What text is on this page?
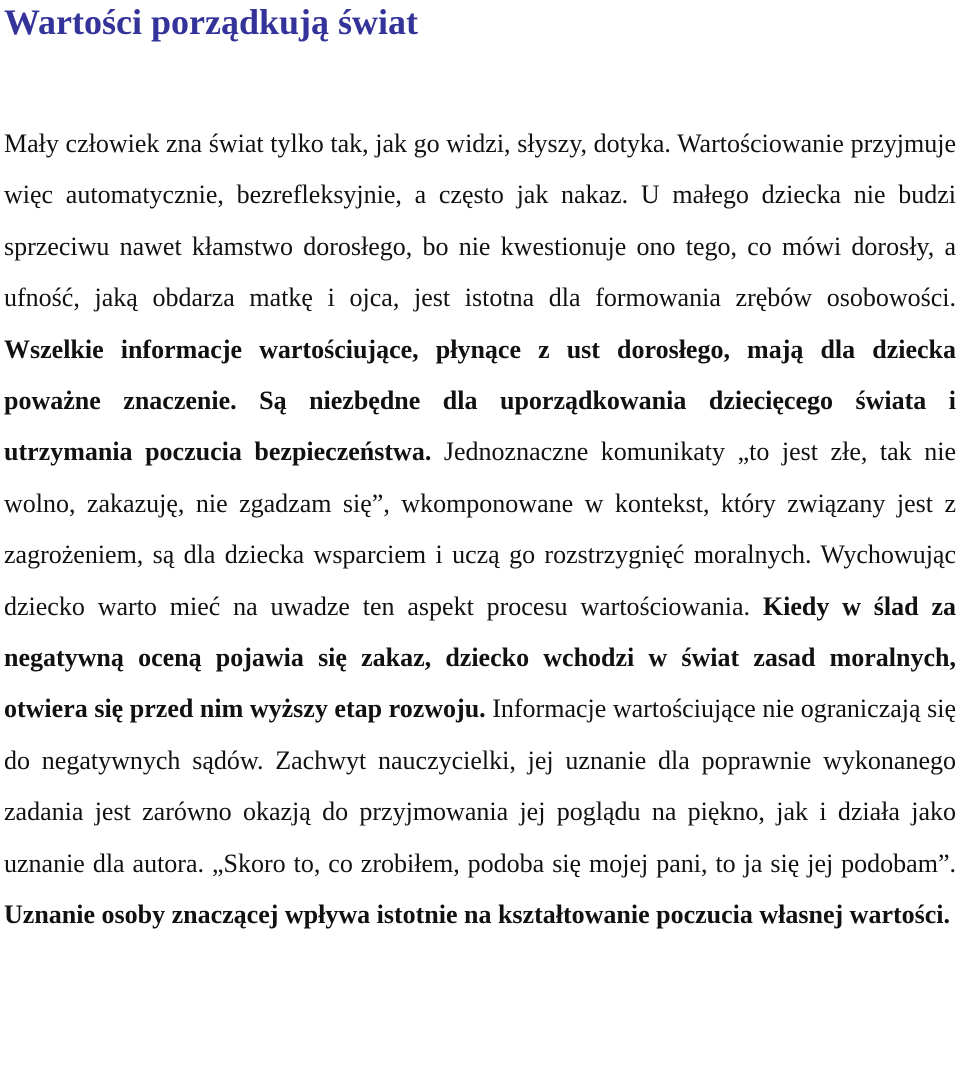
Wartości porządkują świat

Mały człowiek zna świat tylko tak, jak go widzi, słyszy, dotyka. Wartościowanie przyjmuje więc automatycznie, bezrefleksyjnie, a często jak nakaz. U małego dziecka nie budzi sprzeciwu nawet kłamstwo dorosłego, bo nie kwestionuje ono tego, co mówi dorosły, a ufność, jaką obdarza matkę i ojca, jest istotna dla formowania zrębów osobowości. Wszelkie informacje wartościujące, płynące z ust dorosłego, mają dla dziecka poważne znaczenie. Są niezbędne dla uporządkowania dziecięcego świata i utrzymania poczucia bezpieczeństwa. Jednoznaczne komunikaty „to jest złe, tak nie wolno, zakazuję, nie zgadzam się”, wkomponowane w kontekst, który związany jest z zagrożeniem, są dla dziecka wsparciem i uczą go rozstrzygnięć moralnych. Wychowując dziecko warto mieć na uwadze ten aspekt procesu wartościowania. Kiedy w ślad za negatywną oceną pojawia się zakaz, dziecko wchodzi w świat zasad moralnych, otwiera się przed nim wyższy etap rozwoju. Informacje wartościujące nie ograniczają się do negatywnych sądów. Zachwyt nauczycielki, jej uznanie dla poprawnie wykonanego zadania jest zarówno okazją do przyjmowania jej poglądu na piękno, jak i działa jako uznanie dla autora. „Skoro to, co zrobiłem, podoba się mojej pani, to ja się jej podobam”. Uznanie osoby znaczącej wpływa istotnie na kształtowanie poczucia własnej wartości.
